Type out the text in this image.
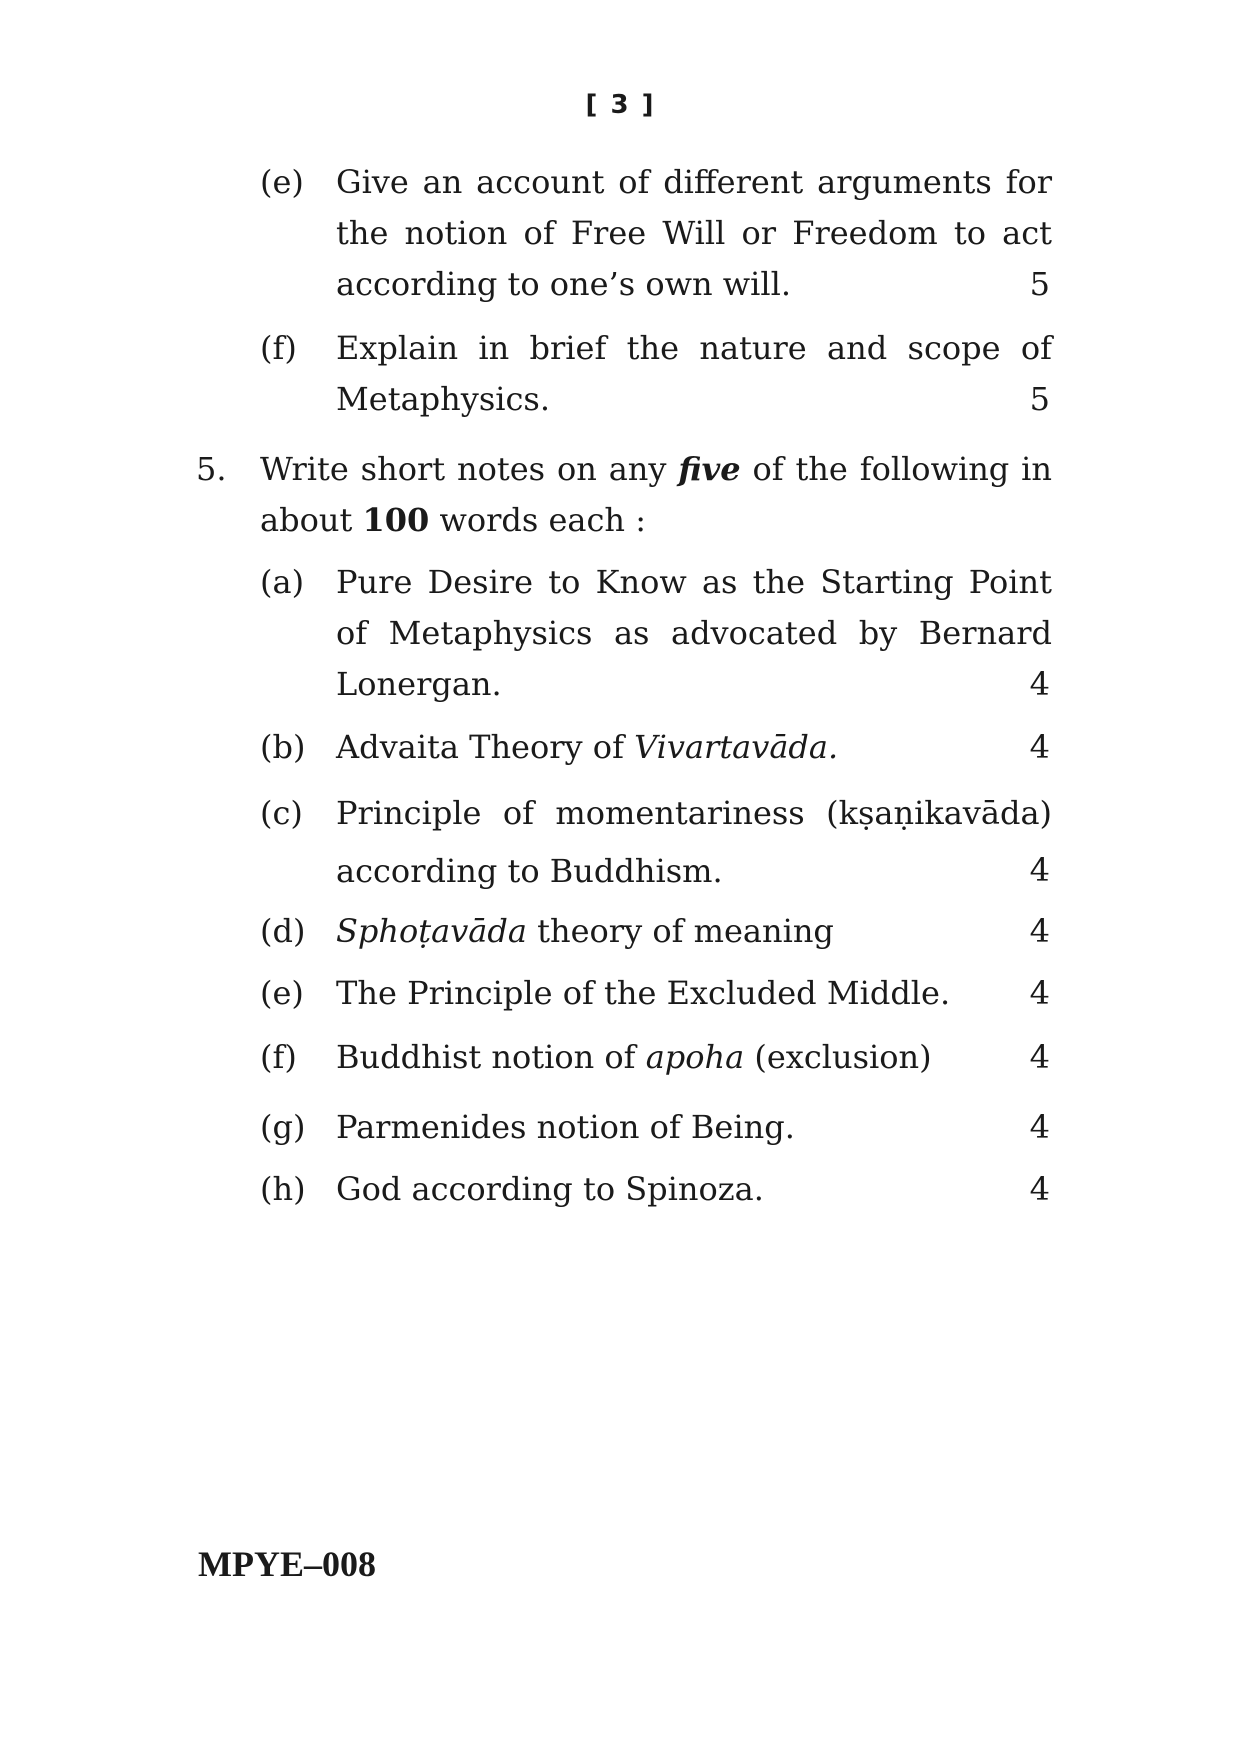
[ 3 ]
(e) Give an account of different arguments for the notion of Free Will or Freedom to act according to one’s own will.	5
(f) Explain in brief the nature and scope of Metaphysics.	5
5. Write short notes on any five of the following in about 100 words each :
(a) Pure Desire to Know as the Starting Point of Metaphysics as advocated by Bernard Lonergan.	4
(b) Advaita Theory of Vivartavāda.	4
(c) Principle of momentariness (kṣaṇikavāda) according to Buddhism.	4
(d) Sphoṭavāda theory of meaning	4
(e) The Principle of the Excluded Middle.	4
(f) Buddhist notion of apoha (exclusion)	4
(g) Parmenides notion of Being.	4
(h) God according to Spinoza.	4
MPYE–008
